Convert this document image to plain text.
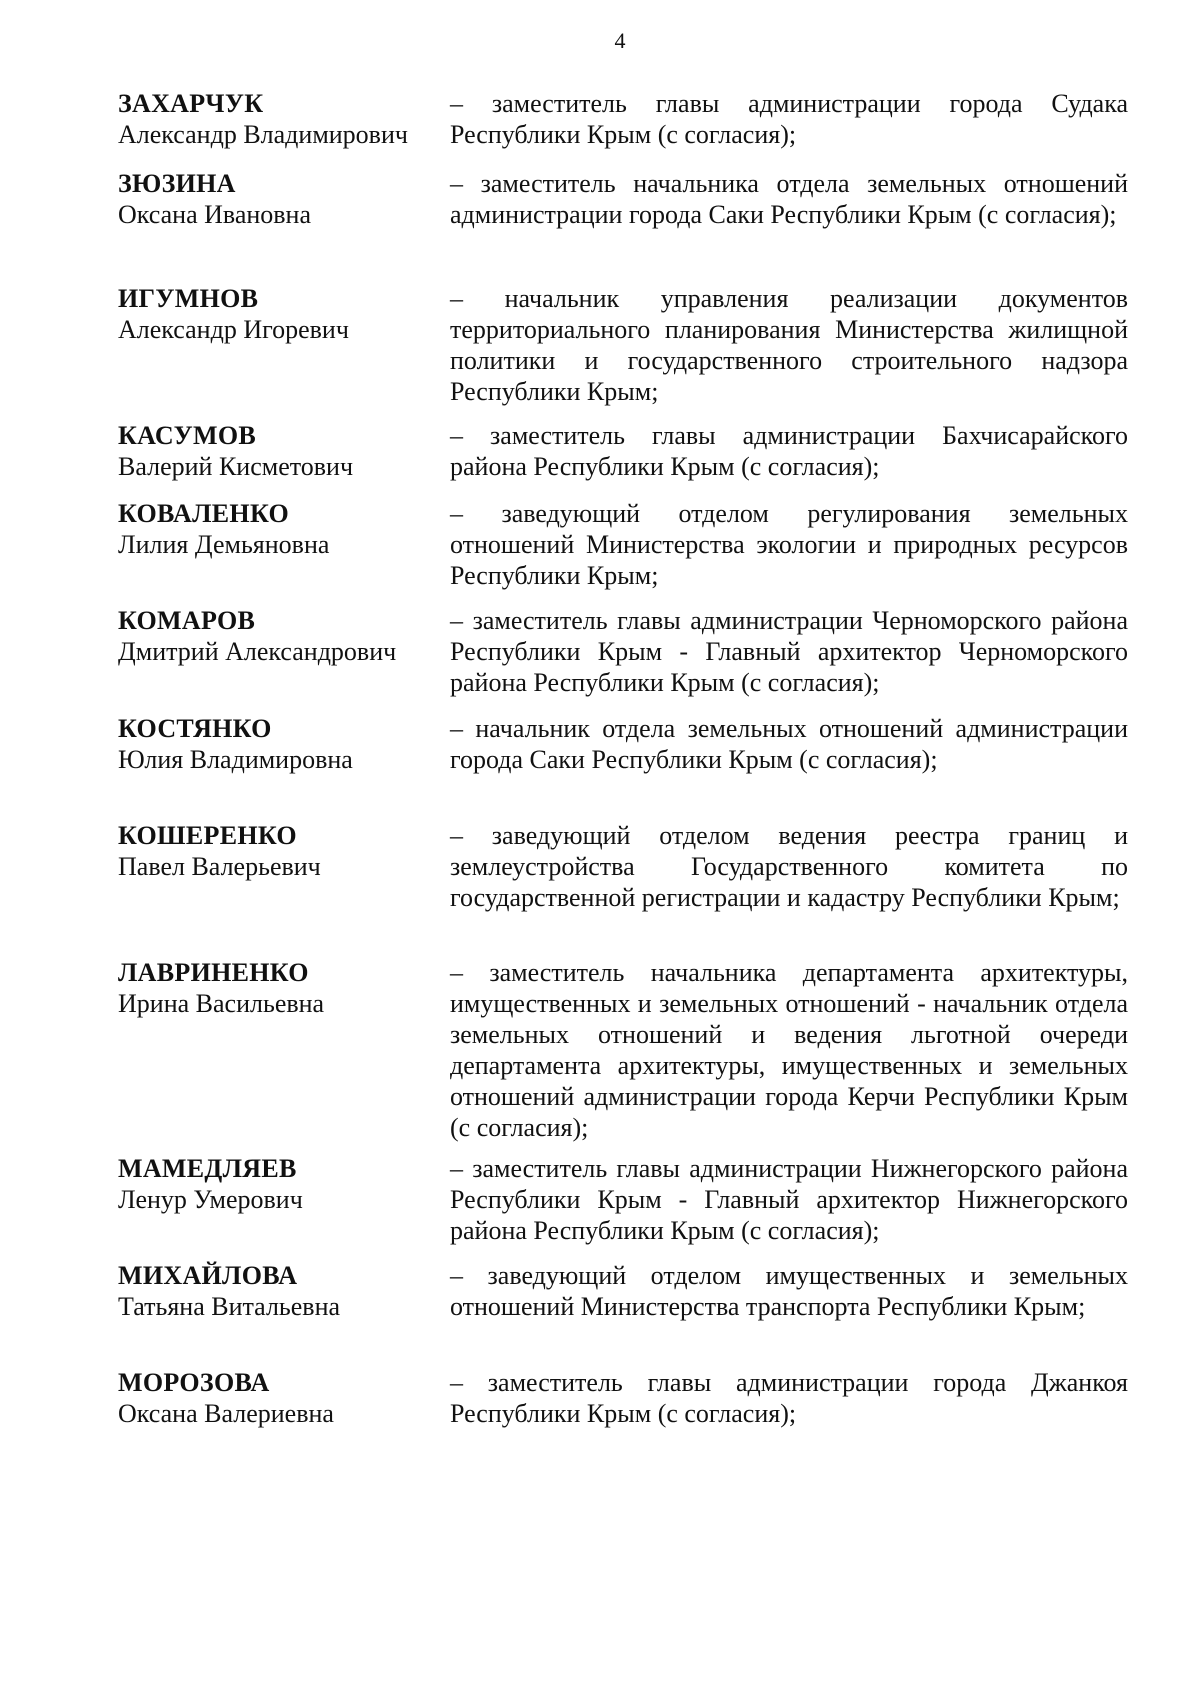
4
ЗАХАРЧУК
Александр Владимирович
– заместитель главы администрации города Судака Республики Крым (с согласия);
ЗЮЗИНА
Оксана Ивановна
– заместитель начальника отдела земельных отношений администрации города Саки Республики Крым (с согласия);
ИГУМНОВ
Александр Игоревич
– начальник управления реализации документов территориального планирования Министерства жилищной политики и государственного строительного надзора Республики Крым;
КАСУМОВ
Валерий Кисметович
– заместитель главы администрации Бахчисарайского района Республики Крым (с согласия);
КОВАЛЕНКО
Лилия Демьяновна
– заведующий отделом регулирования земельных отношений Министерства экологии и природных ресурсов Республики Крым;
КОМАРОВ
Дмитрий Александрович
– заместитель главы администрации Черноморского района Республики Крым - Главный архитектор Черноморского района Республики Крым (с согласия);
КОСТЯНКО
Юлия Владимировна
– начальник отдела земельных отношений администрации города Саки Республики Крым (с согласия);
КОШЕРЕНКО
Павел Валерьевич
– заведующий отделом ведения реестра границ и землеустройства Государственного комитета по государственной регистрации и кадастру Республики Крым;
ЛАВРИНЕНКО
Ирина Васильевна
– заместитель начальника департамента архитектуры, имущественных и земельных отношений - начальник отдела земельных отношений и ведения льготной очереди департамента архитектуры, имущественных и земельных отношений администрации города Керчи Республики Крым (с согласия);
МАМЕДЛЯЕВ
Ленур Умерович
– заместитель главы администрации Нижнегорского района Республики Крым - Главный архитектор Нижнегорского района Республики Крым (с согласия);
МИХАЙЛОВА
Татьяна Витальевна
– заведующий отделом имущественных и земельных отношений Министерства транспорта Республики Крым;
МОРОЗОВА
Оксана Валериевна
– заместитель главы администрации города Джанкоя Республики Крым (с согласия);
